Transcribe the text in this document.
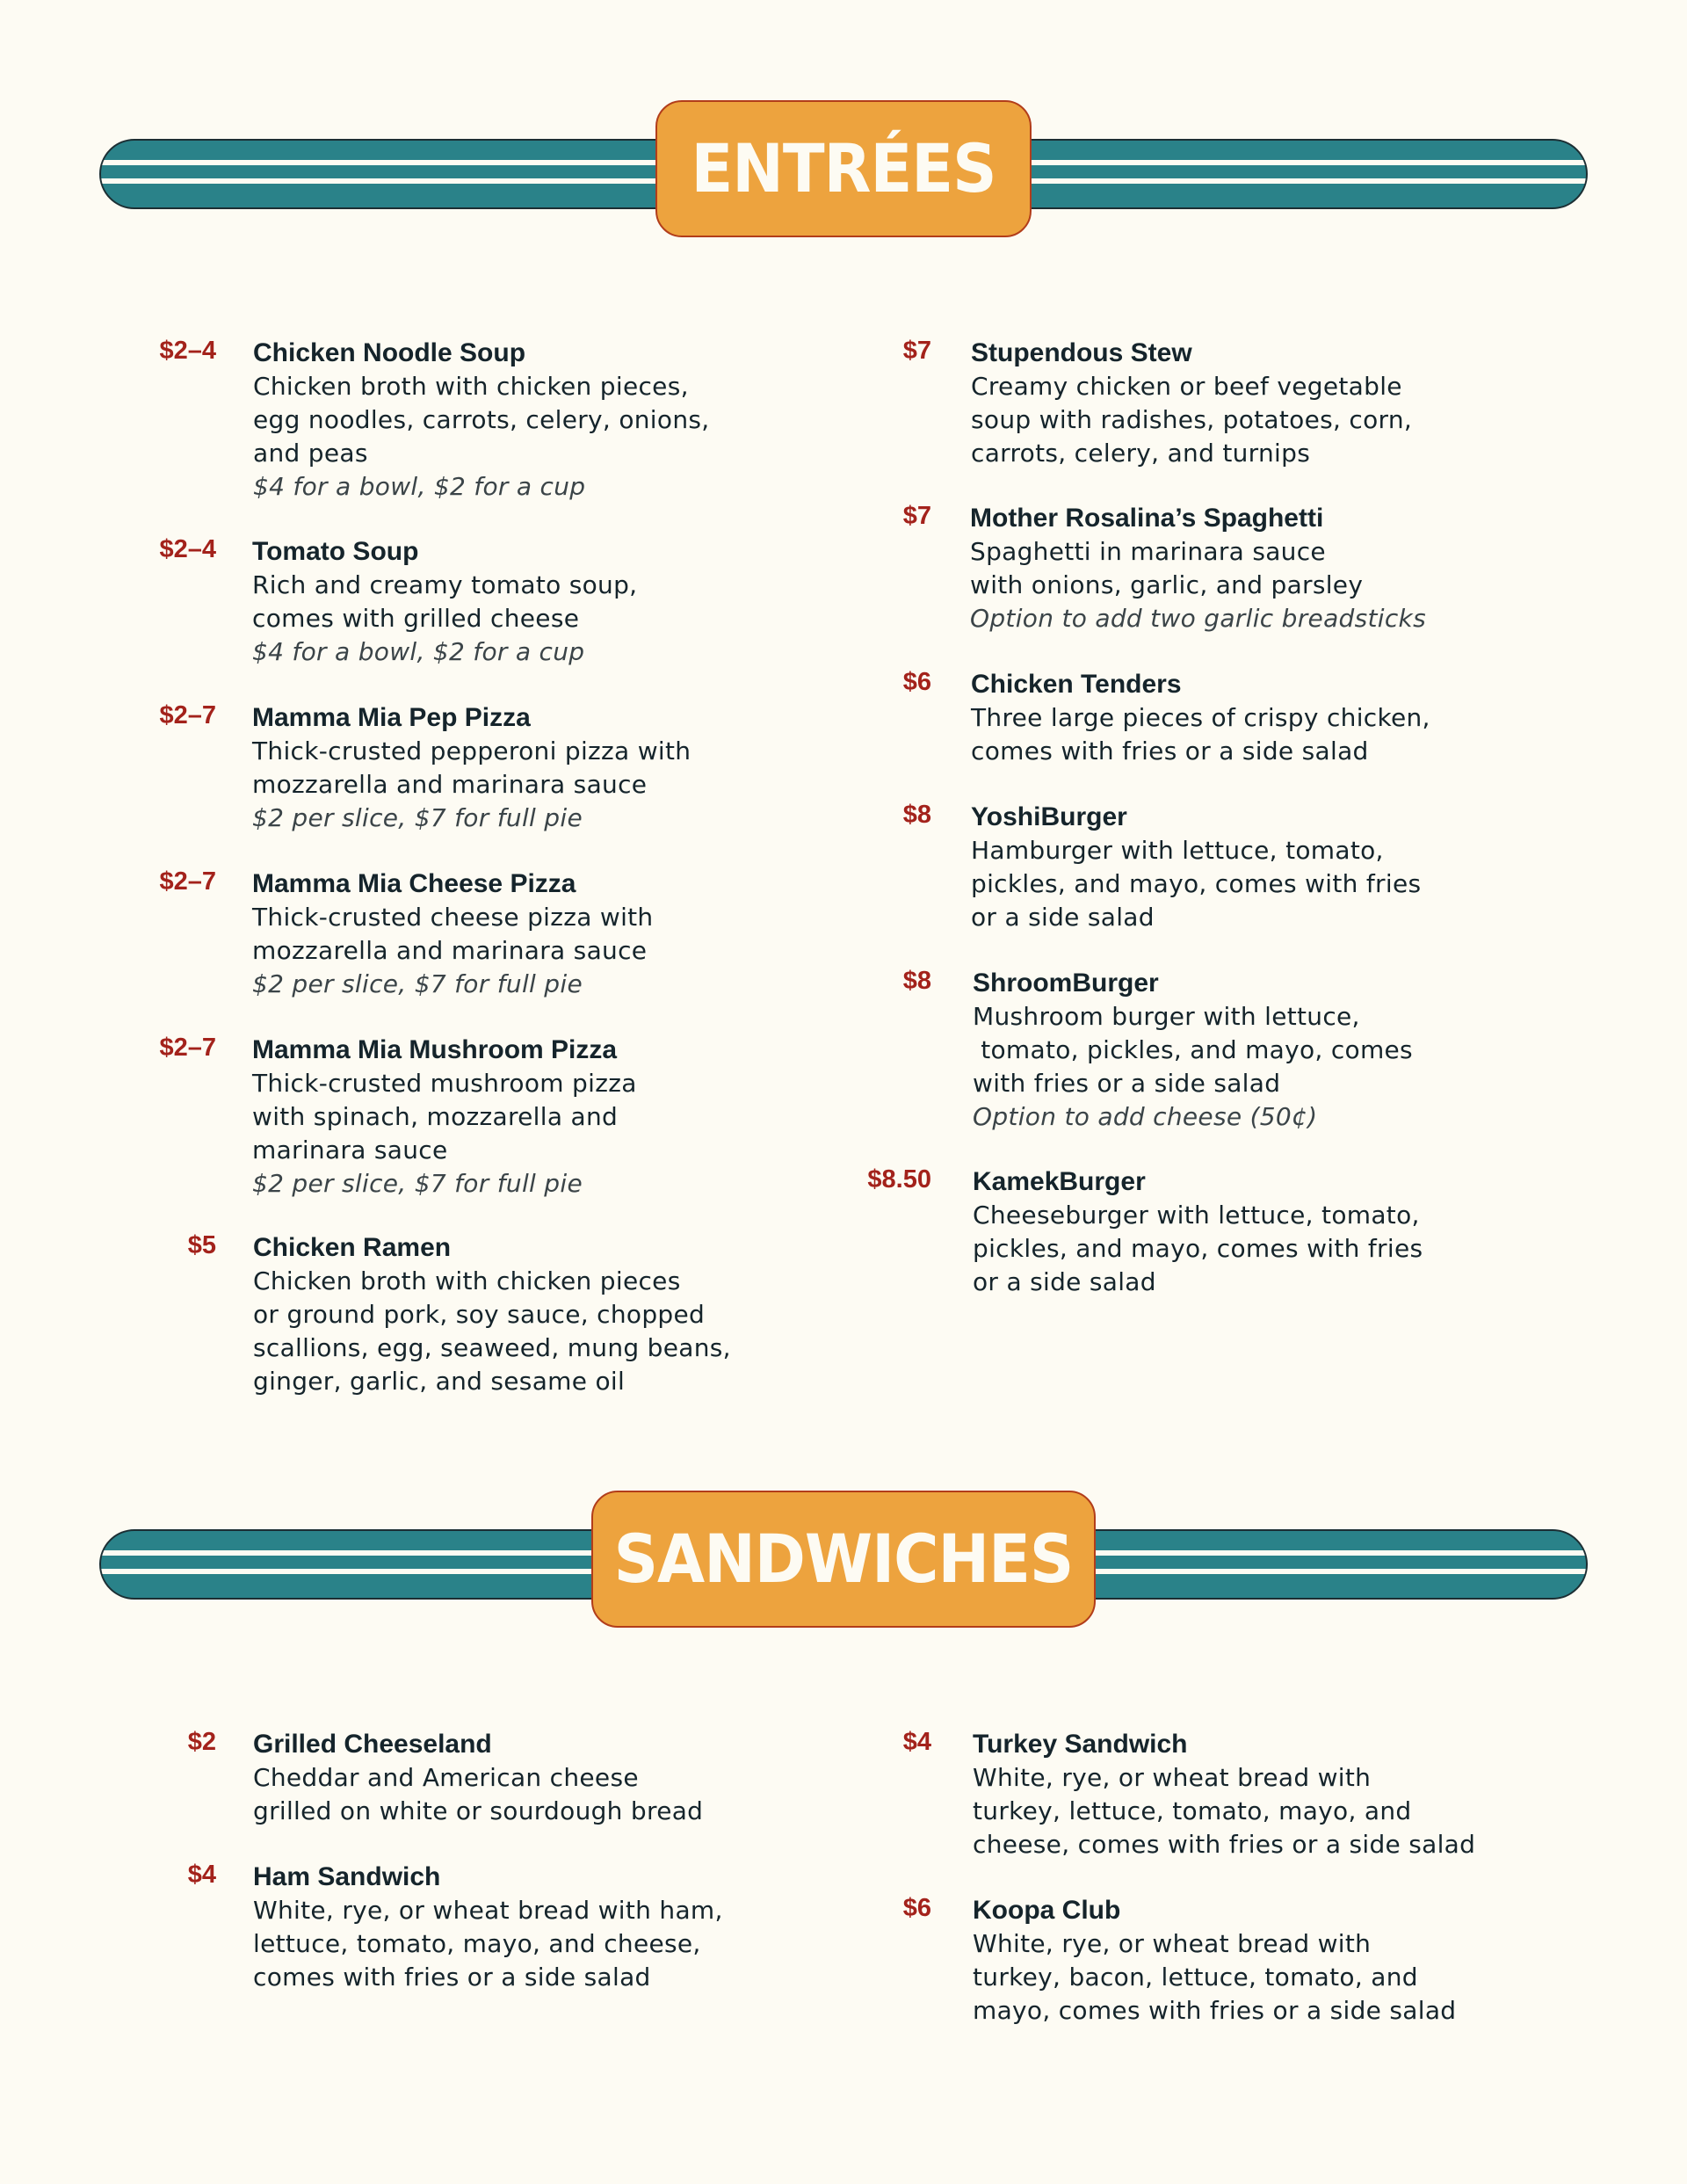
ENTRÉES
SANDWICHES
$2–4 Chicken Noodle Soup
Chicken broth with chicken pieces,
egg noodles, carrots, celery, onions,
and peas
$4 for a bowl, $2 for a cup
$2–4 Tomato Soup
Rich and creamy tomato soup,
comes with grilled cheese
$4 for a bowl, $2 for a cup
$2–7 Mamma Mia Pep Pizza
Thick-crusted pepperoni pizza with
mozzarella and marinara sauce
$2 per slice, $7 for full pie
$2–7 Mamma Mia Cheese Pizza
Thick-crusted cheese pizza with
mozzarella and marinara sauce
$2 per slice, $7 for full pie
$2–7 Mamma Mia Mushroom Pizza
Thick-crusted mushroom pizza
with spinach, mozzarella and
marinara sauce
$2 per slice, $7 for full pie
$5 Chicken Ramen
Chicken broth with chicken pieces
or ground pork, soy sauce, chopped
scallions, egg, seaweed, mung beans,
ginger, garlic, and sesame oil
$7 Stupendous Stew
Creamy chicken or beef vegetable
soup with radishes, potatoes, corn,
carrots, celery, and turnips
$7 Mother Rosalina’s Spaghetti
Spaghetti in marinara sauce
with onions, garlic, and parsley
Option to add two garlic breadsticks
$6 Chicken Tenders
Three large pieces of crispy chicken,
comes with fries or a side salad
$8 YoshiBurger
Hamburger with lettuce, tomato,
pickles, and mayo, comes with fries
or a side salad
$8 ShroomBurger
Mushroom burger with lettuce,
tomato, pickles, and mayo, comes
with fries or a side salad
Option to add cheese (50¢)
$8.50 KamekBurger
Cheeseburger with lettuce, tomato,
pickles, and mayo, comes with fries
or a side salad
$2 Grilled Cheeseland
Cheddar and American cheese
grilled on white or sourdough bread
$4 Ham Sandwich
White, rye, or wheat bread with ham,
lettuce, tomato, mayo, and cheese,
comes with fries or a side salad
$4 Turkey Sandwich
White, rye, or wheat bread with
turkey, lettuce, tomato, mayo, and
cheese, comes with fries or a side salad
$6 Koopa Club
White, rye, or wheat bread with
turkey, bacon, lettuce, tomato, and
mayo, comes with fries or a side salad
